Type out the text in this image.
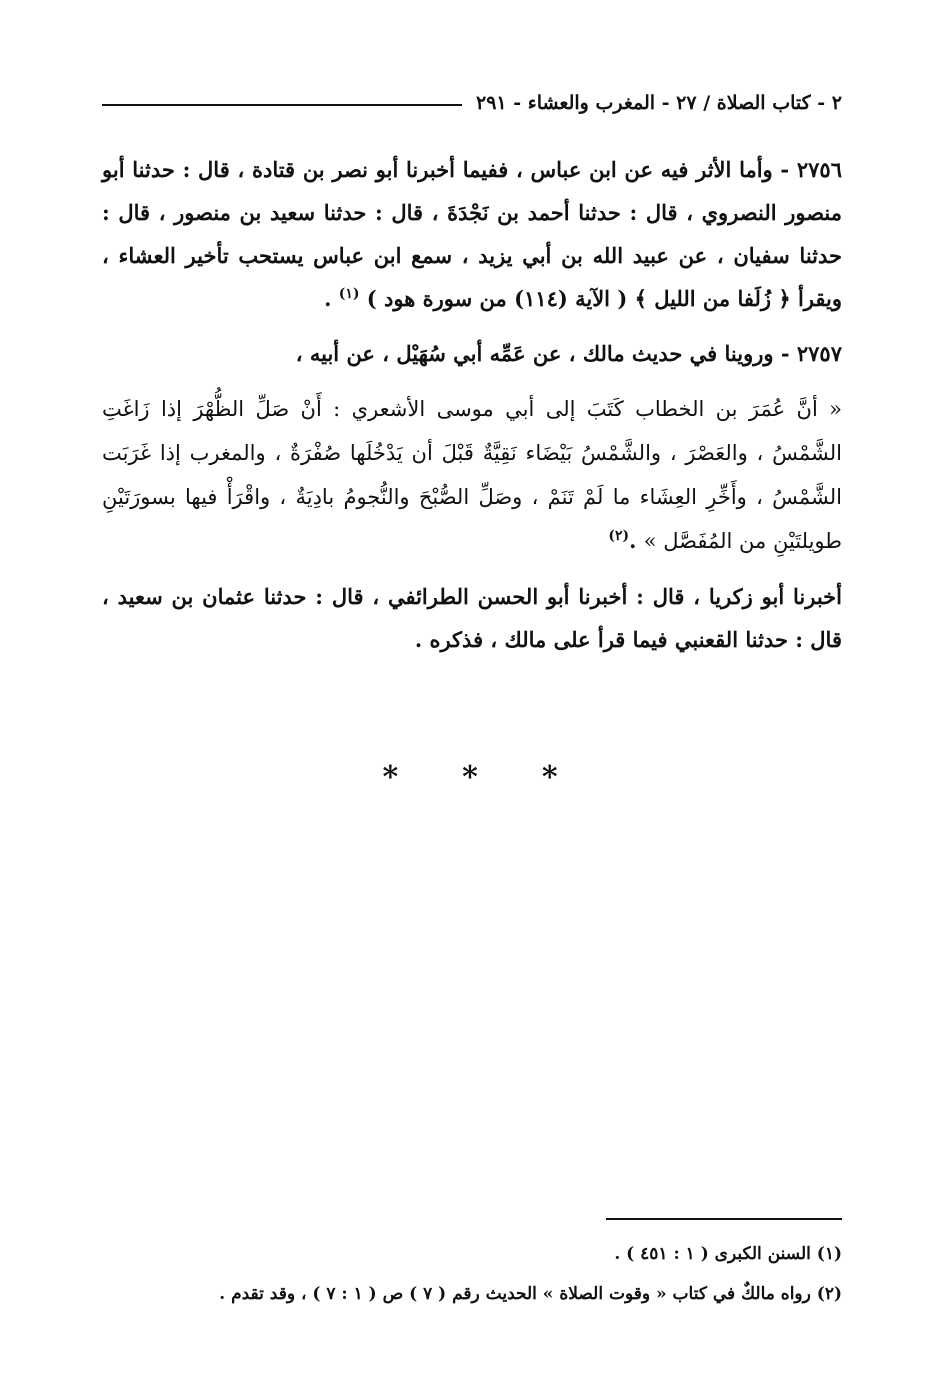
٢ - كتاب الصلاة / ٢٧ - المغرب والعشاء - ٢٩١

٢٧٥٦ - وأما الأثر فيه عن ابن عباس ، ففيما أخبرنا أبو نصر بن قتادة ، قال : حدثنا أبو منصور النصروي ، قال : حدثنا أحمد بن نَجْدَةَ ، قال : حدثنا سعيد بن منصور ، قال : حدثنا سفيان ، عن عبيد الله بن أبي يزيد ، سمع ابن عباس يستحب تأخير العشاء ، ويقرأ ﴿ زُلَفا من الليل ﴾ ( الآية (١١٤) من سورة هود ) $^{(١)}$ .

٢٧٥٧ - وروينا في حديث مالك ، عن عَمِّه أبي سُهَيْل ، عن أبيه ،

« أنَّ عُمَرَ بن الخطاب كَتَبَ إلى أبي موسى الأشعري : أَنْ صَلِّ الظُّهْرَ إذا زَاغَتِ الشَّمْسُ ، والعَصْرَ ، والشَّمْسُ بَيْضَاء نَقِيَّةٌ قَبْلَ أن يَدْخُلَها صُفْرَةٌ ، والمغرب إذا غَرَبَت الشَّمْسُ ، وأَخِّرِ العِشَاء ما لَمْ تَنَمْ ، وصَلِّ الصُّبْحَ والنُّجومُ بادِيَةٌ ، واقْرَأْ فيها بسورَتَيْنِ طويلتَيْنِ من المُفَصَّل » .$^{(٢)}$

أخبرنا أبو زكريا ، قال : أخبرنا أبو الحسن الطرائفي ، قال : حدثنا عثمان بن سعيد ، قال : حدثنا القعنبي فيما قرأ على مالك ، فذكره .

* * *

(١) السنن الكبرى ( ١ : ٤٥١ ) .

(٢) رواه مالكٌ في كتاب « وقوت الصلاة » الحديث رقم ( ٧ ) ص ( ١ : ٧ ) ، وقد تقدم .
